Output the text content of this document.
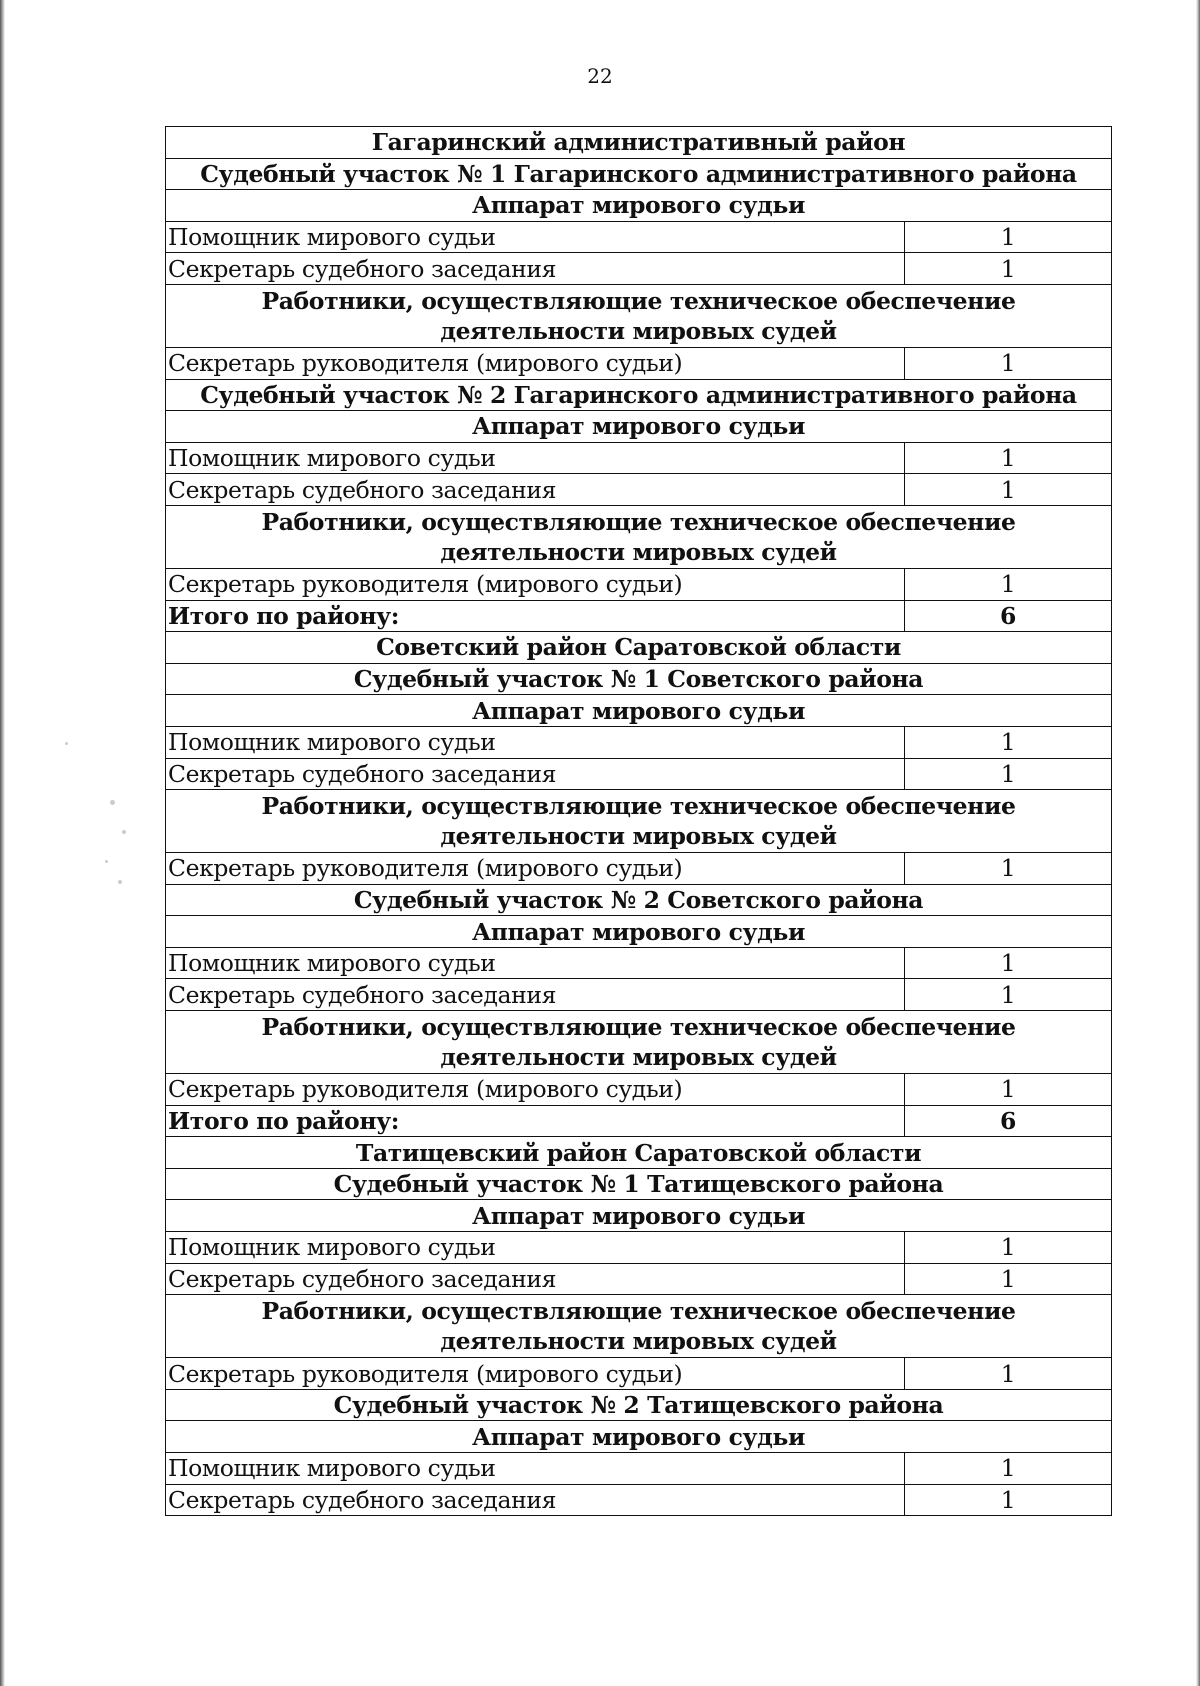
22
Гагаринский административный район	
Судебный участок № 1 Гагаринского административного района	
Аппарат мирового судьи	
Помощник мирового судьи	1
Секретарь судебного заседания	1
Работники, осуществляющие техническое обеспечение деятельности мировых судей	
Секретарь руководителя (мирового судьи)	1
Судебный участок № 2 Гагаринского административного района	
Аппарат мирового судьи	
Помощник мирового судьи	1
Секретарь судебного заседания	1
Работники, осуществляющие техническое обеспечение деятельности мировых судей	
Секретарь руководителя (мирового судьи)	1
Итого по району:	6
Советский район Саратовской области	
Судебный участок № 1 Советского района	
Аппарат мирового судьи	
Помощник мирового судьи	1
Секретарь судебного заседания	1
Работники, осуществляющие техническое обеспечение деятельности мировых судей	
Секретарь руководителя (мирового судьи)	1
Судебный участок № 2 Советского района	
Аппарат мирового судьи	
Помощник мирового судьи	1
Секретарь судебного заседания	1
Работники, осуществляющие техническое обеспечение деятельности мировых судей	
Секретарь руководителя (мирового судьи)	1
Итого по району:	6
Татищевский район Саратовской области	
Судебный участок № 1 Татищевского района	
Аппарат мирового судьи	
Помощник мирового судьи	1
Секретарь судебного заседания	1
Работники, осуществляющие техническое обеспечение деятельности мировых судей	
Секретарь руководителя (мирового судьи)	1
Судебный участок № 2 Татищевского района	
Аппарат мирового судьи	
Помощник мирового судьи	1
Секретарь судебного заседания	1
